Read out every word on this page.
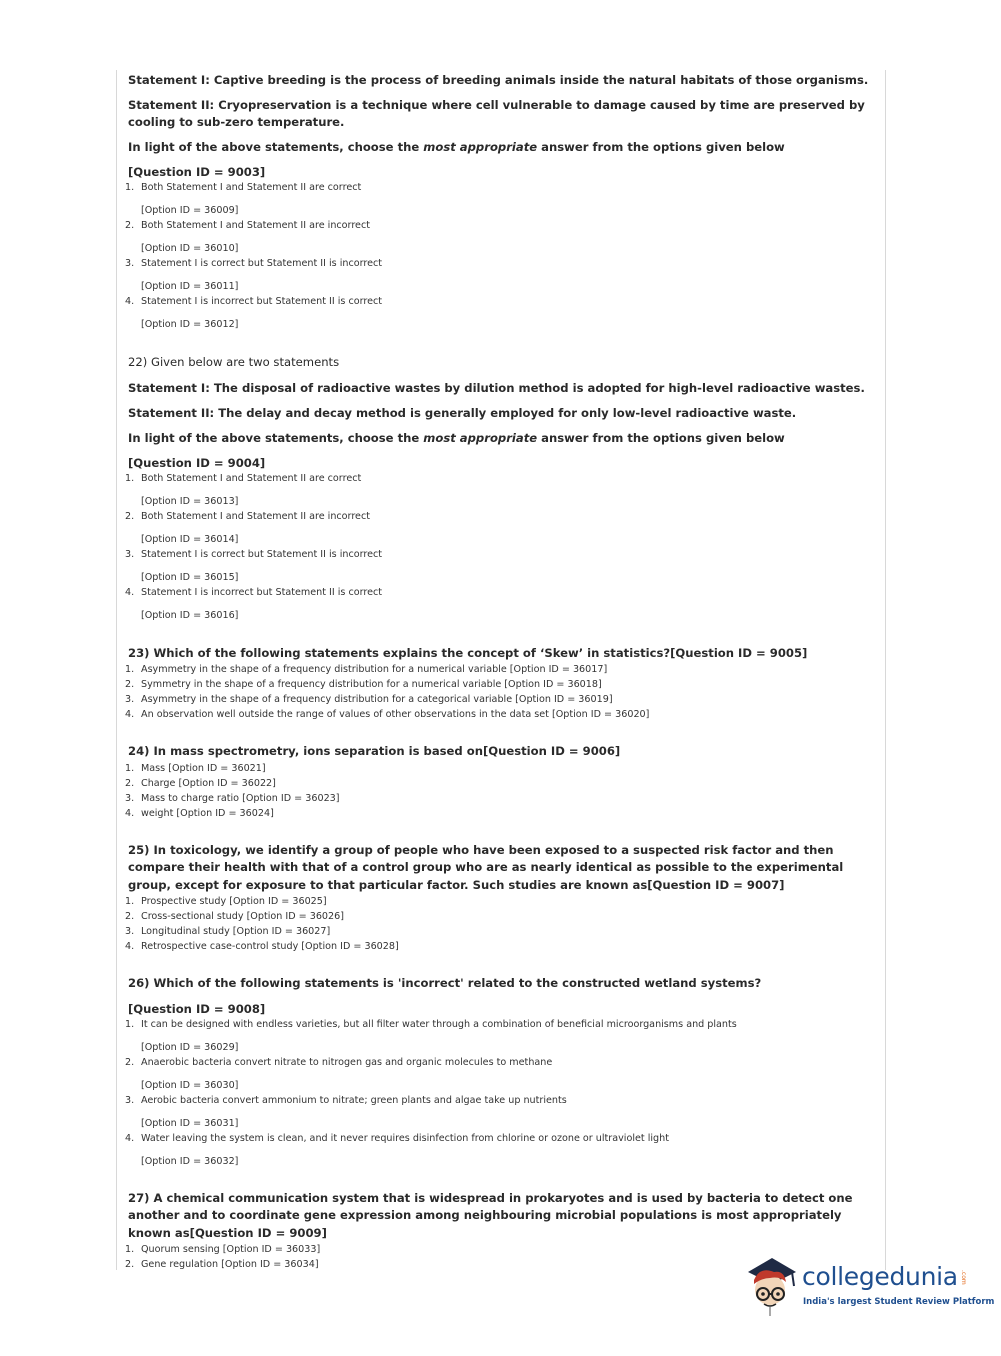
Statement I: Captive breeding is the process of breeding animals inside the natural habitats of those organisms.

Statement II: Cryopreservation is a technique where cell vulnerable to damage caused by time are preserved by cooling to sub-zero temperature.

In light of the above statements, choose the most appropriate answer from the options given below

[Question ID = 9003]

1. Both Statement I and Statement II are correct
[Option ID = 36009]
2. Both Statement I and Statement II are incorrect
[Option ID = 36010]
3. Statement I is correct but Statement II is incorrect
[Option ID = 36011]
4. Statement I is incorrect but Statement II is correct
[Option ID = 36012]

22) Given below are two statements

Statement I: The disposal of radioactive wastes by dilution method is adopted for high-level radioactive wastes.

Statement II: The delay and decay method is generally employed for only low-level radioactive waste.

In light of the above statements, choose the most appropriate answer from the options given below

[Question ID = 9004]

1. Both Statement I and Statement II are correct
[Option ID = 36013]
2. Both Statement I and Statement II are incorrect
[Option ID = 36014]
3. Statement I is correct but Statement II is incorrect
[Option ID = 36015]
4. Statement I is incorrect but Statement II is correct
[Option ID = 36016]

23) Which of the following statements explains the concept of ‘Skew’ in statistics?[Question ID = 9005]

1. Asymmetry in the shape of a frequency distribution for a numerical variable [Option ID = 36017]
2. Symmetry in the shape of a frequency distribution for a numerical variable [Option ID = 36018]
3. Asymmetry in the shape of a frequency distribution for a categorical variable [Option ID = 36019]
4. An observation well outside the range of values of other observations in the data set [Option ID = 36020]

24) In mass spectrometry, ions separation is based on[Question ID = 9006]

1. Mass [Option ID = 36021]
2. Charge [Option ID = 36022]
3. Mass to charge ratio [Option ID = 36023]
4. weight [Option ID = 36024]

25) In toxicology, we identify a group of people who have been exposed to a suspected risk factor and then compare their health with that of a control group who are as nearly identical as possible to the experimental group, except for exposure to that particular factor. Such studies are known as[Question ID = 9007]

1. Prospective study [Option ID = 36025]
2. Cross-sectional study [Option ID = 36026]
3. Longitudinal study [Option ID = 36027]
4. Retrospective case-control study [Option ID = 36028]

26) Which of the following statements is 'incorrect' related to the constructed wetland systems?

[Question ID = 9008]

1. It can be designed with endless varieties, but all filter water through a combination of beneficial microorganisms and plants
[Option ID = 36029]
2. Anaerobic bacteria convert nitrate to nitrogen gas and organic molecules to methane
[Option ID = 36030]
3. Aerobic bacteria convert ammonium to nitrate; green plants and algae take up nutrients
[Option ID = 36031]
4. Water leaving the system is clean, and it never requires disinfection from chlorine or ozone or ultraviolet light
[Option ID = 36032]

27) A chemical communication system that is widespread in prokaryotes and is used by bacteria to detect one another and to coordinate gene expression among neighbouring microbial populations is most appropriately known as[Question ID = 9009]

1. Quorum sensing [Option ID = 36033]
2. Gene regulation [Option ID = 36034]	collegedunia .com
India's largest Student Review Platform
